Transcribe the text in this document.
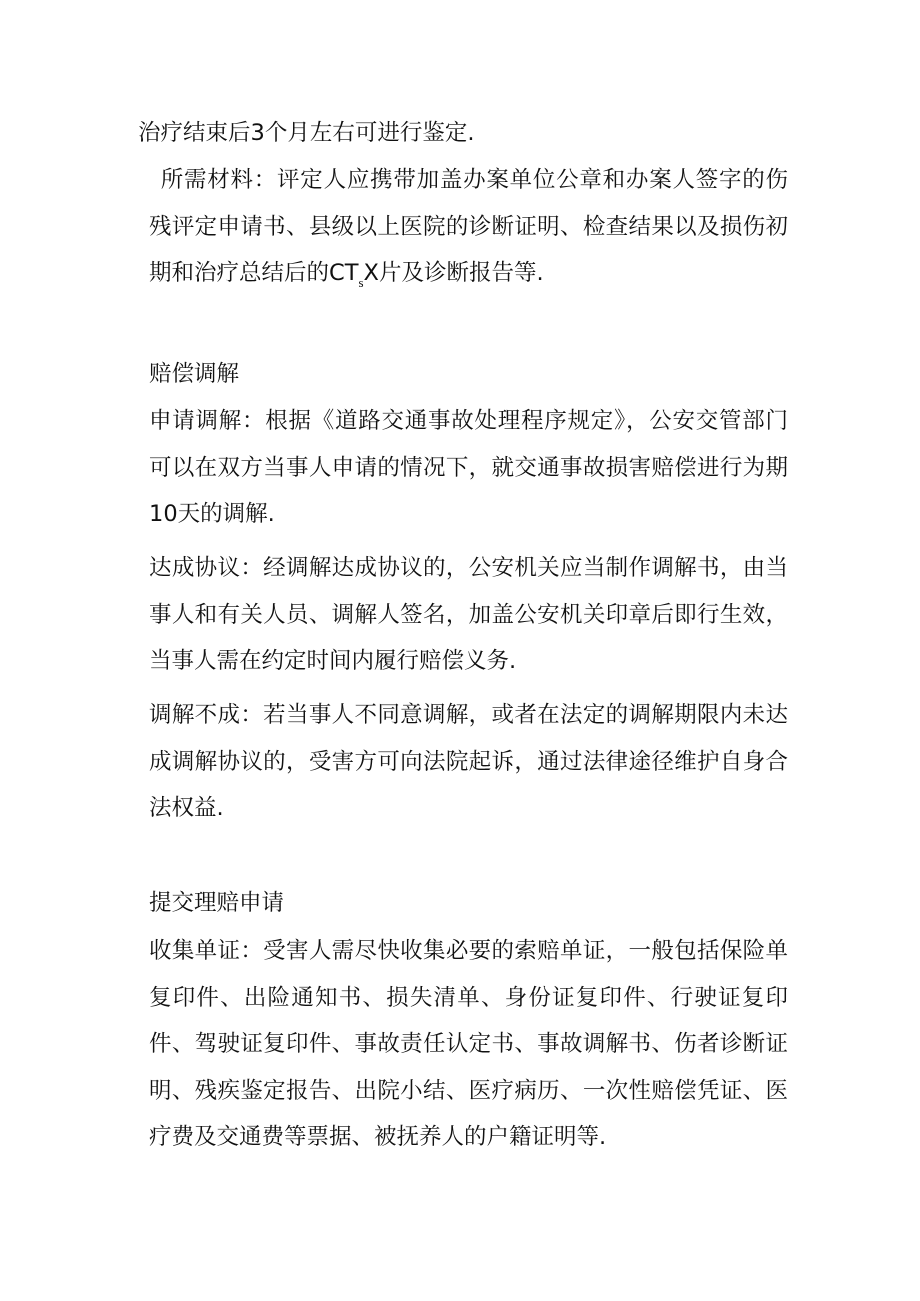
治疗结束后3个月左右可进行鉴定.

所需材料：评定人应携带加盖办案单位公章和办案人签字的伤残评定申请书、县级以上医院的诊断证明、检查结果以及损伤初期和治疗总结后的$CT_sX$片及诊断报告等.

赔偿调解

申请调解：根据《道路交通事故处理程序规定》，公安交管部门可以在双方当事人申请的情况下，就交通事故损害赔偿进行为期10天的调解.

达成协议：经调解达成协议的，公安机关应当制作调解书，由当事人和有关人员、调解人签名，加盖公安机关印章后即行生效，当事人需在约定时间内履行赔偿义务.

调解不成：若当事人不同意调解，或者在法定的调解期限内未达成调解协议的，受害方可向法院起诉，通过法律途径维护自身合法权益.

提交理赔申请

收集单证：受害人需尽快收集必要的索赔单证，一般包括保险单复印件、出险通知书、损失清单、身份证复印件、行驶证复印件、驾驶证复印件、事故责任认定书、事故调解书、伤者诊断证明、残疾鉴定报告、出院小结、医疗病历、一次性赔偿凭证、医疗费及交通费等票据、被抚养人的户籍证明等.
